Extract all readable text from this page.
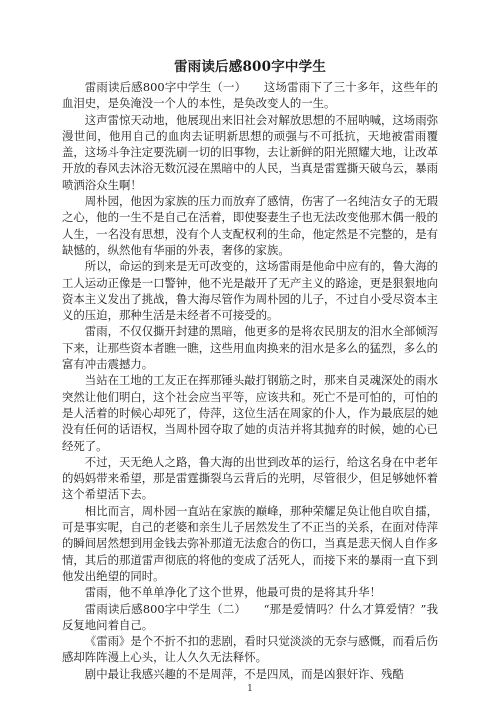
雷雨读后感800字中学生

雷雨读后感800字中学生（一）　　这场雷雨下了三十多年，这些年的血泪史，是奂淹没一个人的本性，是奂改变人的一生。

这声雷惊天动地，他展现出来旧社会对解放思想的不屈呐喊，这场雨弥漫世间，他用自己的血肉去证明新思想的顽强与不可抵抗，天地被雷雨覆盖，这场斗争注定要洗刷一切的旧事物，去让新鲜的阳光照耀大地，让改革开放的春风去沐浴无数沉浸在黑暗中的人民，当真是雷霆撕天破乌云，暴雨喷洒浴众生啊！

周朴园，他因为家族的压力而放弃了感情，伤害了一名纯洁女子的无瑕之心，他的一生不是自己在活着，即使娶妻生子也无法改变他那木偶一般的人生，一名没有思想，没有个人支配权利的生命，他定然是不完整的，是有缺憾的，纵然他有华丽的外表，奢侈的家族。

所以，命运的到来是无可改变的，这场雷雨是他命中应有的，鲁大海的工人运动正像是一口警钟，他不光是敲开了无产主义的路途，更是狠狠地向资本主义发出了挑战，鲁大海尽管作为周朴园的儿子，不过自小受尽资本主义的压迫，那种生活是未经者不可接受的。

雷雨，不仅仅撕开封建的黑暗，他更多的是将农民朋友的泪水全部倾泻下来，让那些资本者瞧一瞧，这些用血肉换来的泪水是多么的猛烈，多么的富有冲击震撼力。

当站在工地的工友正在挥那锤头敲打钢筋之时，那来自灵魂深处的雨水突然让他们明白，这个社会应当平等，应该共和。死亡不是可怕的，可怕的是人活着的时候心却死了，侍萍，这位生活在周家的仆人，作为最底层的她没有任何的话语权，当周朴园夺取了她的贞洁并将其抛弃的时候，她的心已经死了。

不过，天无绝人之路，鲁大海的出世到改革的运行，给这名身在中老年的妈妈带来希望，那是雷霆撕裂乌云背后的光明，尽管很少，但足够她怀着这个希望活下去。

相比而言，周朴园一直站在家族的巅峰，那种荣耀足奂让他自吹自擂，可是事实呢，自己的老婆和亲生儿子居然发生了不正当的关系，在面对侍萍的瞬间居然想到用金钱去弥补那道无法愈合的伤口，当真是悲天悯人自作多情，其后的那道雷声彻底的将他的变成了活死人，而接下来的暴雨一直下到他发出绝望的同时。

雷雨，他不单单净化了这个世界，他最可贵的是将其升华！

雷雨读后感800字中学生（二）　　“那是爱情吗？什么才算爱情？”我反复地问着自己。

《雷雨》是个不折不扣的悲剧，看时只觉淡淡的无奈与感慨，而看后伤感却阵阵漫上心头，让人久久无法释怀。

剧中最让我感兴趣的不是周萍，不是四凤，而是凶狠奸诈、残酷

1
